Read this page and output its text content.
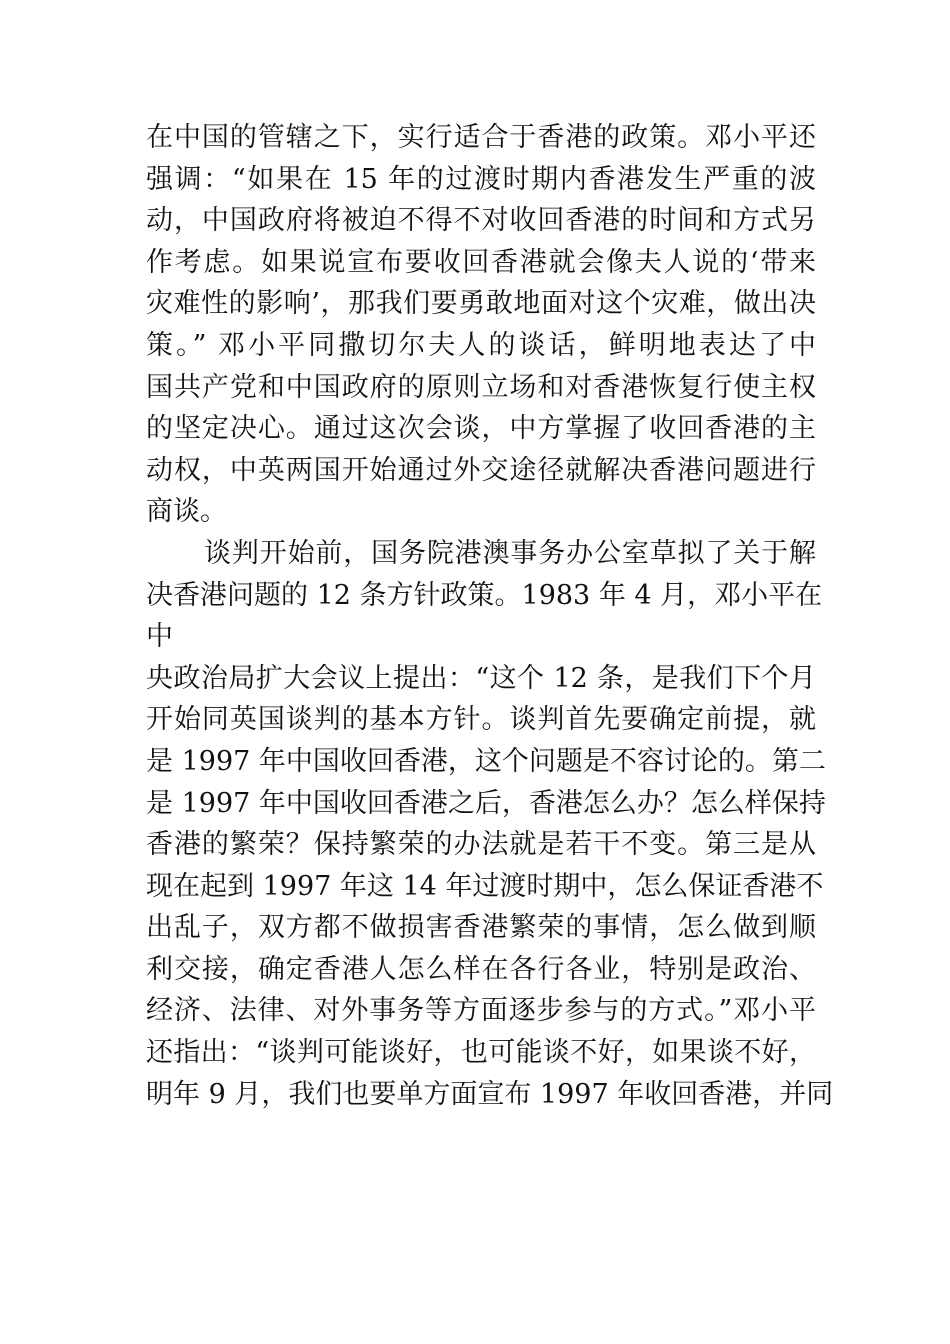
在中国的管辖之下，实行适合于香港的政策。邓小平还
强调：“如果在 15 年的过渡时期内香港发生严重的波
动，中国政府将被迫不得不对收回香港的时间和方式另
作考虑。如果说宣布要收回香港就会像夫人说的‘带来
灾难性的影响’，那我们要勇敢地面对这个灾难，做出决
策。” 邓小平同撒切尔夫人的谈话，鲜明地表达了中
国共产党和中国政府的原则立场和对香港恢复行使主权
的坚定决心。通过这次会谈，中方掌握了收回香港的主
动权，中英两国开始通过外交途径就解决香港问题进行
商谈。
谈判开始前，国务院港澳事务办公室草拟了关于解
决香港问题的 12 条方针政策。1983 年 4 月，邓小平在
中
央政治局扩大会议上提出：“这个 12 条，是我们下个月
开始同英国谈判的基本方针。谈判首先要确定前提，就
是 1997 年中国收回香港，这个问题是不容讨论的。第二
是 1997 年中国收回香港之后，香港怎么办？怎么样保持
香港的繁荣？保持繁荣的办法就是若干不变。第三是从
现在起到 1997 年这 14 年过渡时期中，怎么保证香港不
出乱子，双方都不做损害香港繁荣的事情，怎么做到顺
利交接，确定香港人怎么样在各行各业，特别是政治、
经济、法律、对外事务等方面逐步参与的方式。”邓小平
还指出：“谈判可能谈好，也可能谈不好，如果谈不好，
明年 9 月，我们也要单方面宣布 1997 年收回香港，并同
